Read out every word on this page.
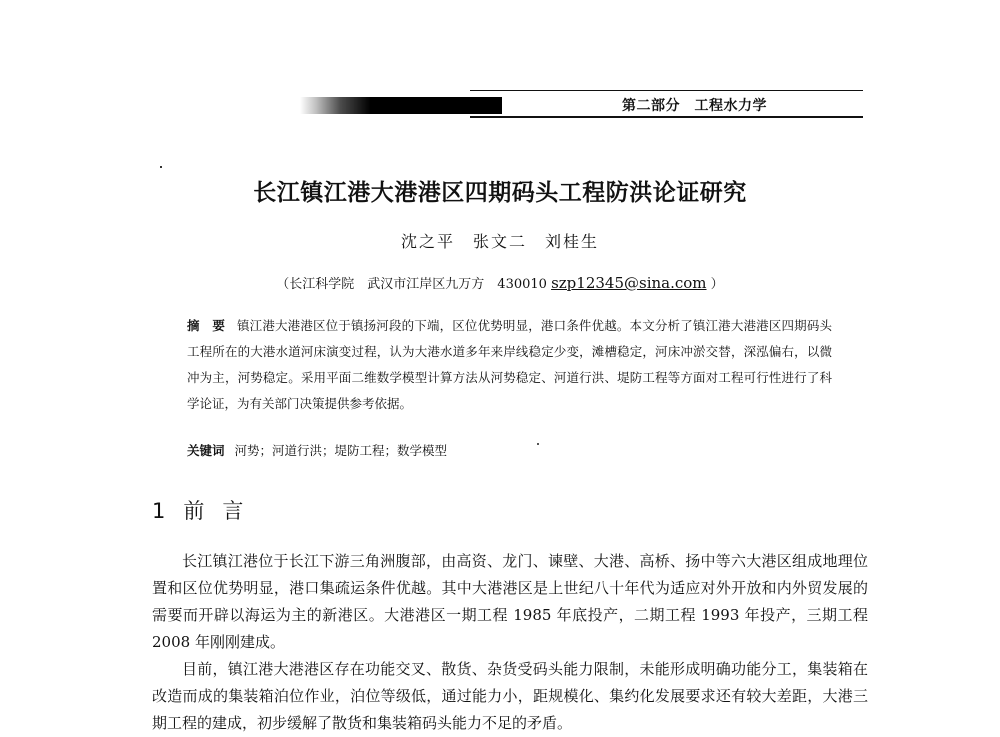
第二部分　工程水力学
长江镇江港大港港区四期码头工程防洪论证研究
沈之平　张文二　刘桂生
（长江科学院　武汉市江岸区九万方　430010 szp12345@sina.com ）
摘　要 镇江港大港港区位于镇扬河段的下端，区位优势明显，港口条件优越。本文分析了镇江港大港港区四期码头工程所在的大港水道河床演变过程，认为大港水道多年来岸线稳定少变，滩槽稳定，河床冲淤交替，深泓偏右，以微冲为主，河势稳定。采用平面二维数学模型计算方法从河势稳定、河道行洪、堤防工程等方面对工程可行性进行了科学论证，为有关部门决策提供参考依据。
关键词 河势；河道行洪；堤防工程；数学模型
1 前言

长江镇江港位于长江下游三角洲腹部，由高资、龙门、谏壁、大港、高桥、扬中等六大港区组成地理位置和区位优势明显，港口集疏运条件优越。其中大港港区是上世纪八十年代为适应对外开放和内外贸发展的需要而开辟以海运为主的新港区。大港港区一期工程 1985 年底投产，二期工程 1993 年投产，三期工程 2008 年刚刚建成。

目前，镇江港大港港区存在功能交叉、散货、杂货受码头能力限制，未能形成明确功能分工，集装箱在改造而成的集装箱泊位作业，泊位等级低，通过能力小，距规模化、集约化发展要求还有较大差距，大港三期工程的建成，初步缓解了散货和集装箱码头能力不足的矛盾。
